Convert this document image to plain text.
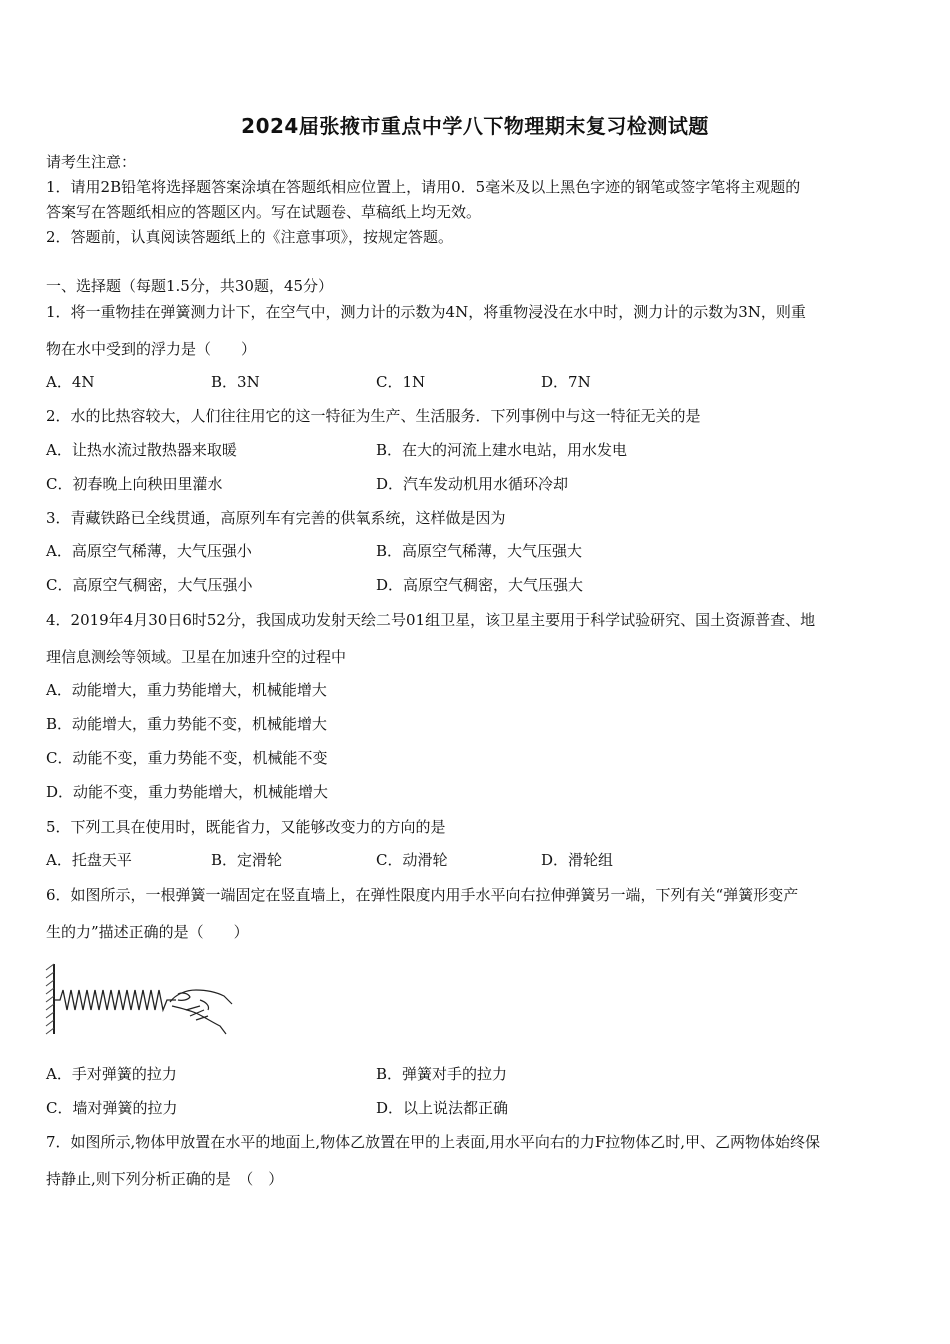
2024届张掖市重点中学八下物理期末复习检测试题
请考生注意：
1．请用2B铅笔将选择题答案涂填在答题纸相应位置上，请用0．5毫米及以上黑色字迹的钢笔或签字笔将主观题的
答案写在答题纸相应的答题区内。写在试题卷、草稿纸上均无效。
2．答题前，认真阅读答题纸上的《注意事项》，按规定答题。
一、选择题（每题1.5分，共30题，45分）
1．将一重物挂在弹簧测力计下，在空气中，测力计的示数为4N，将重物浸没在水中时，测力计的示数为3N，则重
物在水中受到的浮力是（　　）
A．4N	B．3N	C．1N	D．7N
2．水的比热容较大，人们往往用它的这一特征为生产、生活服务．下列事例中与这一特征无关的是
A．让热水流过散热器来取暖	B．在大的河流上建水电站，用水发电
C．初春晚上向秧田里灌水	D．汽车发动机用水循环冷却
3．青藏铁路已全线贯通，高原列车有完善的供氧系统，这样做是因为
A．高原空气稀薄，大气压强小	B．高原空气稀薄，大气压强大
C．高原空气稠密，大气压强小	D．高原空气稠密，大气压强大
4．2019年4月30日6时52分，我国成功发射天绘二号01组卫星，该卫星主要用于科学试验研究、国土资源普查、地
理信息测绘等领域。卫星在加速升空的过程中
A．动能增大，重力势能增大，机械能增大
B．动能增大，重力势能不变，机械能增大
C．动能不变，重力势能不变，机械能不变
D．动能不变，重力势能增大，机械能增大
5．下列工具在使用时，既能省力，又能够改变力的方向的是
A．托盘天平	B．定滑轮	C．动滑轮	D．滑轮组
6．如图所示，一根弹簧一端固定在竖直墙上，在弹性限度内用手水平向右拉伸弹簧另一端，下列有关“弹簧形变产
生的力”描述正确的是（　　）
A．手对弹簧的拉力	B．弹簧对手的拉力
C．墙对弹簧的拉力	D．以上说法都正确
7．如图所示,物体甲放置在水平的地面上,物体乙放置在甲的上表面,用水平向右的力F拉物体乙时,甲、乙两物体始终保
持静止,则下列分析正确的是　（　）
